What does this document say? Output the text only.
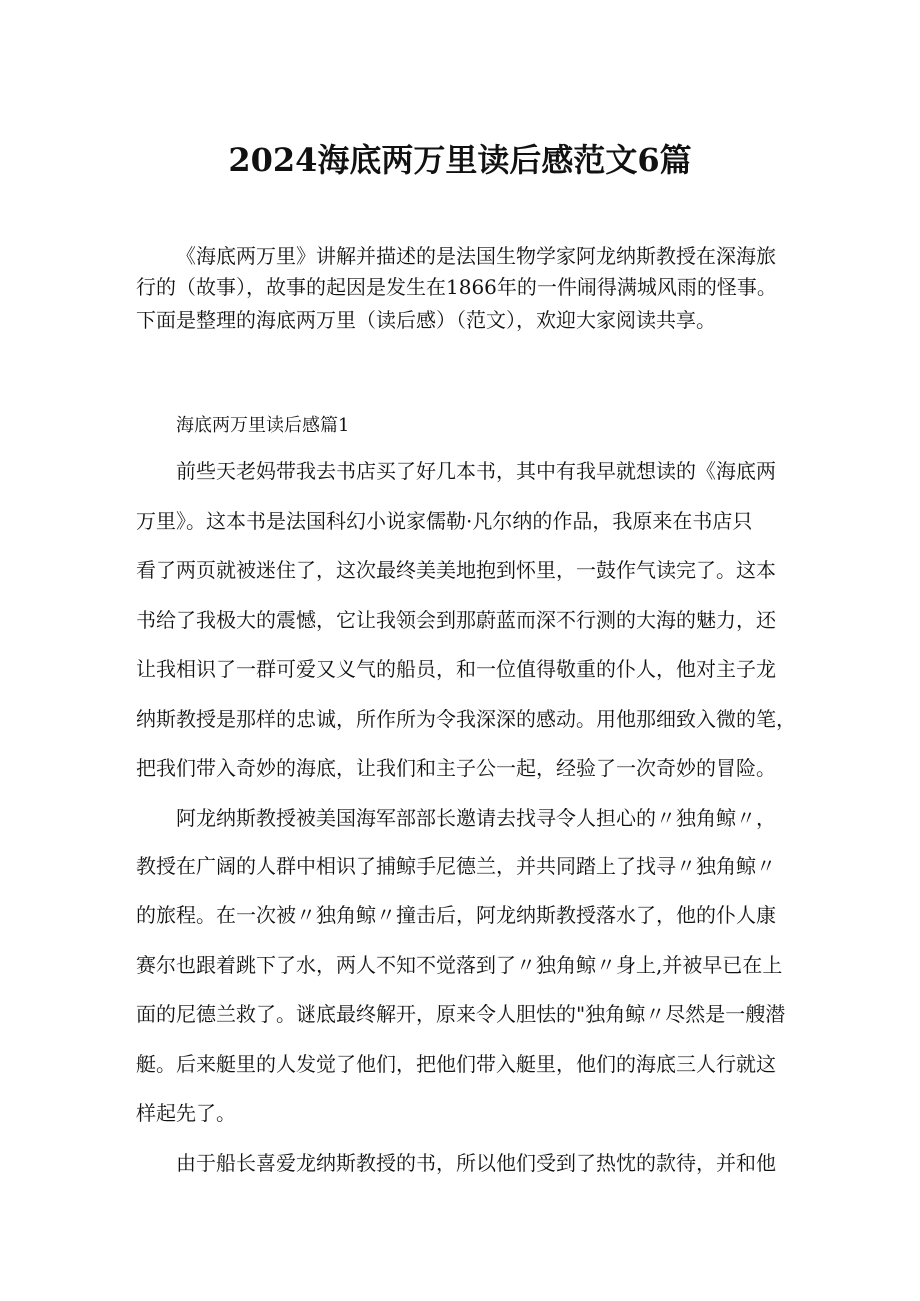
2024海底两万里读后感范文6篇
《海底两万里》讲解并描述的是法国生物学家阿龙纳斯教授在深海旅
行的（故事），故事的起因是发生在1866年的一件闹得满城风雨的怪事。
下面是整理的海底两万里（读后感）（范文），欢迎大家阅读共享。
海底两万里读后感篇1
前些天老妈带我去书店买了好几本书，其中有我早就想读的《海底两
万里》。这本书是法国科幻小说家儒勒·凡尔纳的作品，我原来在书店只
看了两页就被迷住了，这次最终美美地抱到怀里，一鼓作气读完了。这本
书给了我极大的震憾，它让我领会到那蔚蓝而深不行测的大海的魅力，还
让我相识了一群可爱又义气的船员，和一位值得敬重的仆人，他对主子龙
纳斯教授是那样的忠诚，所作所为令我深深的感动。用他那细致入微的笔，
把我们带入奇妙的海底，让我们和主子公一起，经验了一次奇妙的冒险。
阿龙纳斯教授被美国海军部部长邀请去找寻令人担心的〃独角鲸〃，
教授在广阔的人群中相识了捕鲸手尼德兰，并共同踏上了找寻〃独角鲸〃
的旅程。在一次被〃独角鲸〃撞击后，阿龙纳斯教授落水了，他的仆人康
赛尔也跟着跳下了水，两人不知不觉落到了〃独角鲸〃身上,并被早已在上
面的尼德兰救了。谜底最终解开，原来令人胆怯的"独角鲸〃尽然是一艘潜
艇。后来艇里的人发觉了他们，把他们带入艇里，他们的海底三人行就这
样起先了。
由于船长喜爱龙纳斯教授的书，所以他们受到了热忱的款待，并和他
